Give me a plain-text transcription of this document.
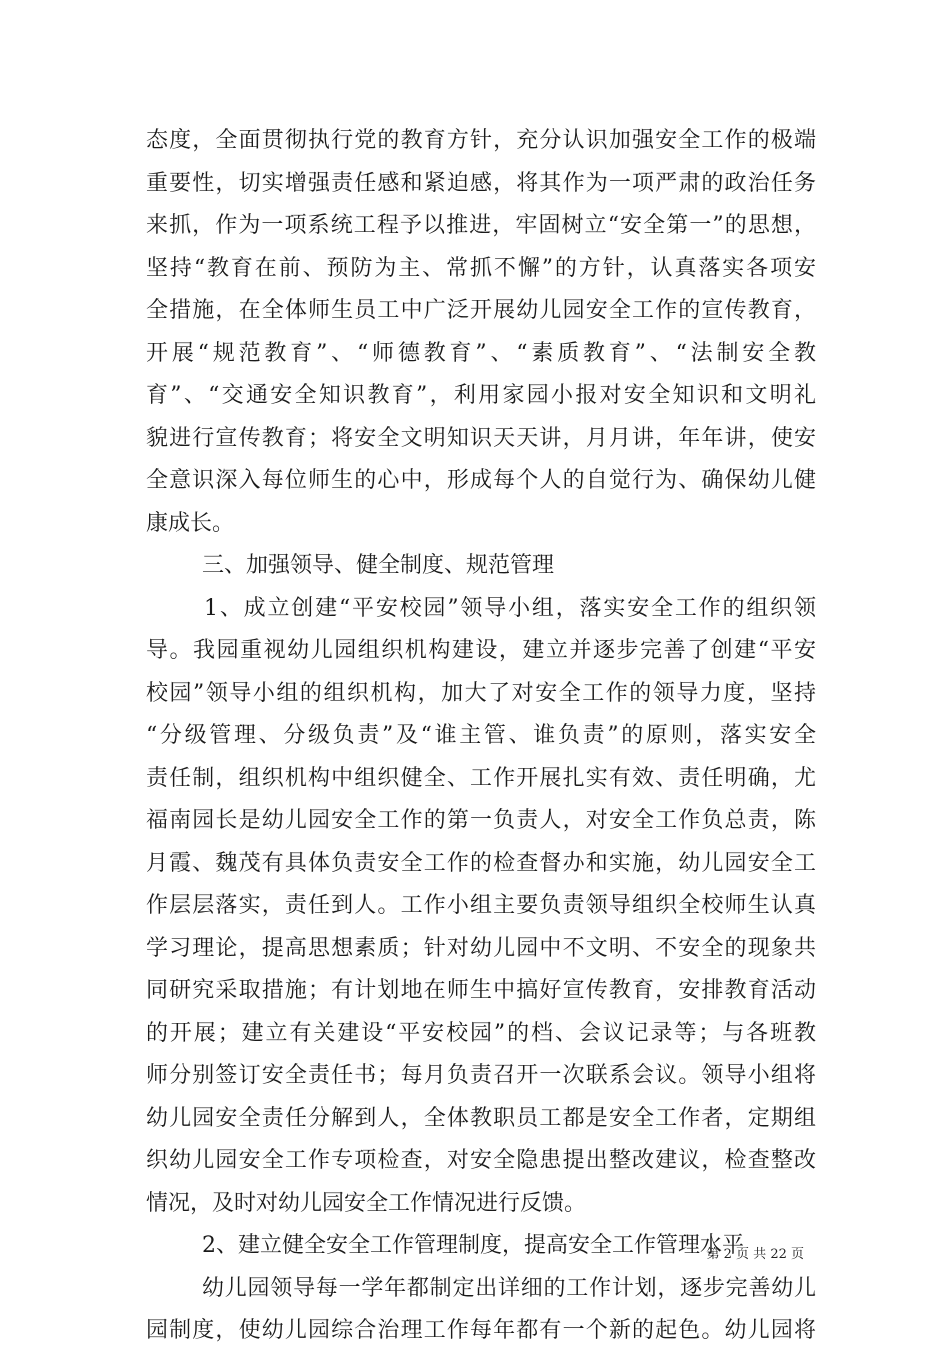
态度，全面贯彻执行党的教育方针，充分认识加强安全工作的极端
重要性，切实增强责任感和紧迫感，将其作为一项严肃的政治任务
来抓，作为一项系统工程予以推进，牢固树立“安全第一”的思想，
坚持“教育在前、预防为主、常抓不懈”的方针，认真落实各项安
全措施，在全体师生员工中广泛开展幼儿园安全工作的宣传教育，
开展“规范教育”、“师德教育”、“素质教育”、“法制安全教
育”、“交通安全知识教育”，利用家园小报对安全知识和文明礼
貌进行宣传教育；将安全文明知识天天讲，月月讲，年年讲，使安
全意识深入每位师生的心中，形成每个人的自觉行为、确保幼儿健
康成长。
三、加强领导、健全制度、规范管理
1、成立创建“平安校园”领导小组，落实安全工作的组织领
导。我园重视幼儿园组织机构建设，建立并逐步完善了创建“平安
校园”领导小组的组织机构，加大了对安全工作的领导力度，坚持
“分级管理、分级负责”及“谁主管、谁负责”的原则，落实安全
责任制，组织机构中组织健全、工作开展扎实有效、责任明确，尤
福南园长是幼儿园安全工作的第一负责人，对安全工作负总责，陈
月霞、魏茂有具体负责安全工作的检查督办和实施，幼儿园安全工
作层层落实，责任到人。工作小组主要负责领导组织全校师生认真
学习理论，提高思想素质；针对幼儿园中不文明、不安全的现象共
同研究采取措施；有计划地在师生中搞好宣传教育，安排教育活动
的开展；建立有关建设“平安校园”的档、会议记录等；与各班教
师分别签订安全责任书；每月负责召开一次联系会议。领导小组将
幼儿园安全责任分解到人，全体教职员工都是安全工作者，定期组
织幼儿园安全工作专项检查，对安全隐患提出整改建议，检查整改
情况，及时对幼儿园安全工作情况进行反馈。
2、建立健全安全工作管理制度，提高安全工作管理水平
幼儿园领导每一学年都制定出详细的工作计划，逐步完善幼儿
园制度，使幼儿园综合治理工作每年都有一个新的起色。幼儿园将
第 2 页 共 22 页
